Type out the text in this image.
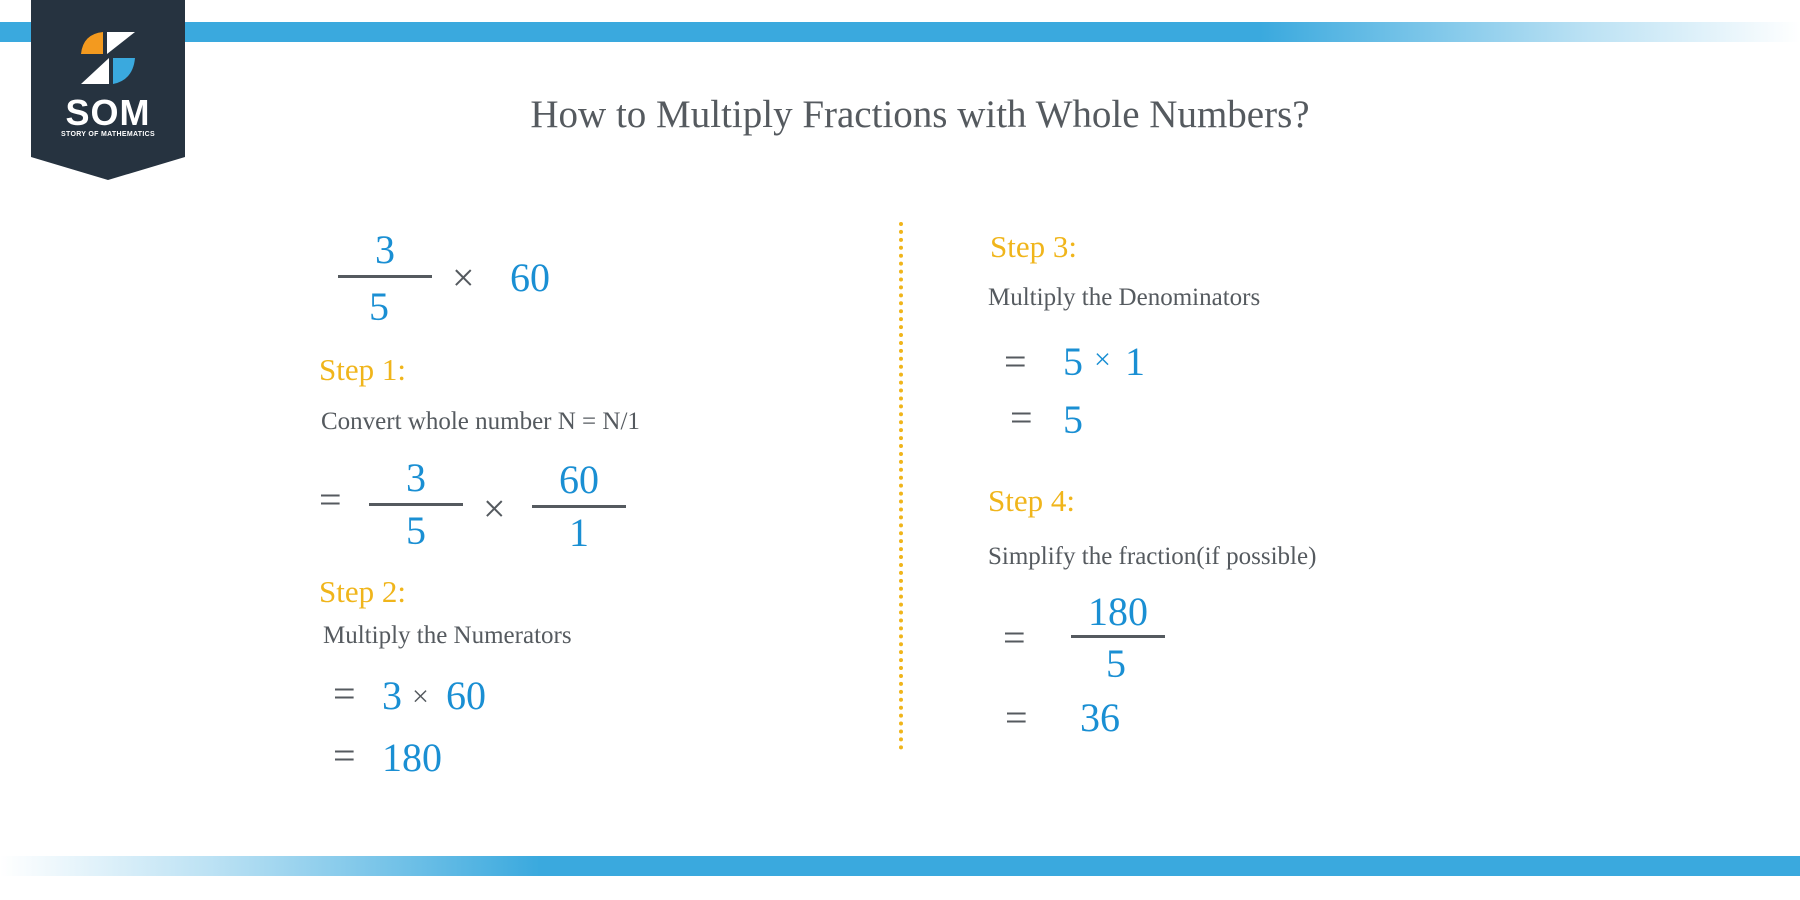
SOM
STORY OF MATHEMATICS	How to Multiply Fractions with Whole Numbers?
3
5
× 60
Step 1:
Convert whole number N = N/1
=	3
5	×
60
1
Step 2:
Multiply the Numerators
= 3 × 60
= 180
Step 3:
Multiply the Denominators
= 5 × 1
= 5
Step 4:
Simplify the fraction(if possible)
=
180
5
= 36
